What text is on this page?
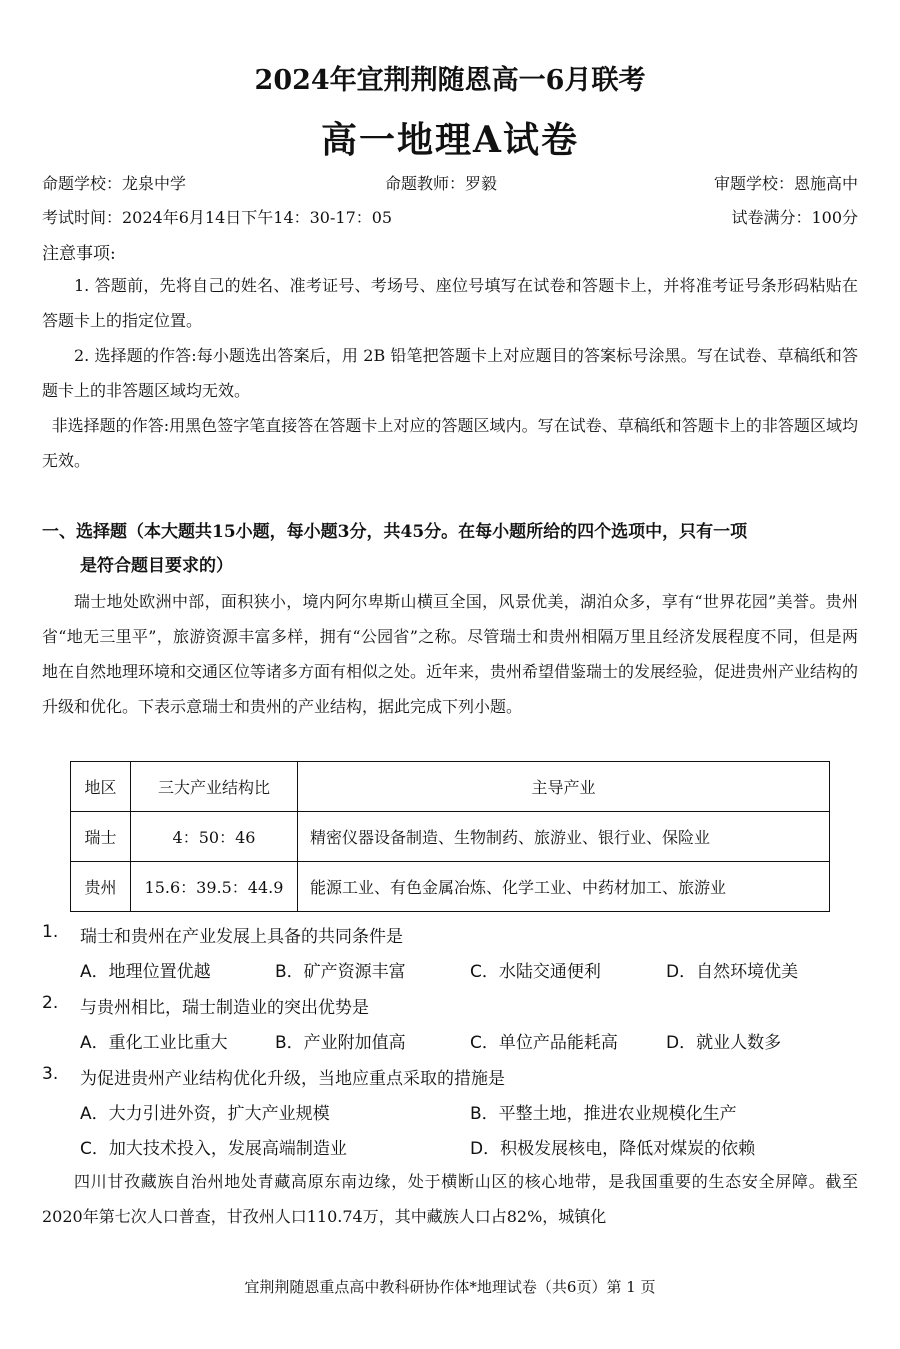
2024年宜荆荆随恩高一6月联考
高一地理A试卷
命题学校：龙泉中学	命题教师：罗毅	审题学校：恩施高中
考试时间：2024年6月14日下午14：30-17：05	试卷满分：100分
注意事项:
1. 答题前，先将自己的姓名、准考证号、考场号、座位号填写在试卷和答题卡上，并将准考证号条形码粘贴在答题卡上的指定位置。
2. 选择题的作答:每小题选出答案后，用 2B 铅笔把答题卡上对应题目的答案标号涂黑。写在试卷、草稿纸和答题卡上的非答题区域均无效。
非选择题的作答:用黑色签字笔直接答在答题卡上对应的答题区域内。写在试卷、草稿纸和答题卡上的非答题区域均无效。
一、选择题（本大题共15小题，每小题3分，共45分。在每小题所给的四个选项中，只有一项
是符合题目要求的）
瑞士地处欧洲中部，面积狭小，境内阿尔卑斯山横亘全国，风景优美，湖泊众多，享有“世界花园”美誉。贵州省“地无三里平”，旅游资源丰富多样，拥有“公园省”之称。尽管瑞士和贵州相隔万里且经济发展程度不同，但是两地在自然地理环境和交通区位等诸多方面有相似之处。近年来，贵州希望借鉴瑞士的发展经验，促进贵州产业结构的升级和优化。下表示意瑞士和贵州的产业结构，据此完成下列小题。
地区	三大产业结构比	主导产业
瑞士	4：50：46	精密仪器设备制造、生物制药、旅游业、银行业、保险业
贵州	15.6：39.5：44.9	能源工业、有色金属冶炼、化学工业、中药材加工、旅游业
1. 瑞士和贵州在产业发展上具备的共同条件是
A．地理位置优越	B．矿产资源丰富	C．水陆交通便利	D．自然环境优美
2. 与贵州相比，瑞士制造业的突出优势是
A．重化工业比重大	B．产业附加值高	C．单位产品能耗高	D．就业人数多
3. 为促进贵州产业结构优化升级，当地应重点采取的措施是
A．大力引进外资，扩大产业规模	B．平整土地，推进农业规模化生产
C．加大技术投入，发展高端制造业	D．积极发展核电，降低对煤炭的依赖
四川甘孜藏族自治州地处青藏高原东南边缘，处于横断山区的核心地带，是我国重要的生态安全屏障。截至2020年第七次人口普查，甘孜州人口110.74万，其中藏族人口占82%，城镇化
宜荆荆随恩重点高中教科研协作体*地理试卷（共6页）第 1 页
